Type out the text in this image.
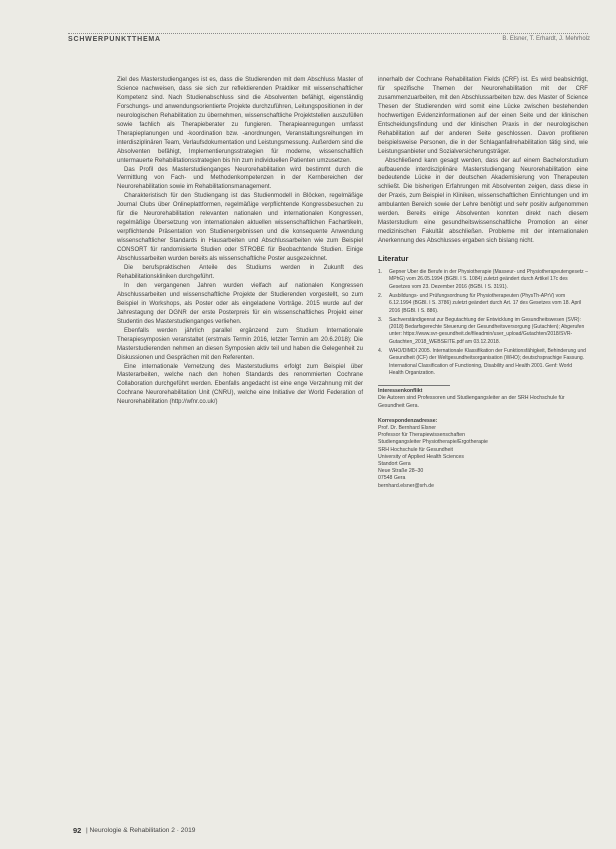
SCHWERPUNKTTHEMA	B. Elsner, T. Erhardt, J. Mehrholz

Ziel des Masterstudienganges ist es, dass die Studierenden mit dem Abschluss Master of Science nachweisen, dass sie sich zur reflektierenden Praktiker mit wissenschaftlicher Kompetenz sind. Nach Studienabschluss sind die Absolventen befähigt, eigenständig Forschungs- und anwendungsorientierte Projekte durchzuführen, Leitungspositionen in der neurologischen Rehabilitation zu übernehmen, wissenschaftliche Projektstellen auszufüllen sowie fachlich als Therapieberater zu fungieren. Therapieanregungen umfasst Therapieplanungen und -koordination bzw. -anordnungen, Veranstaltungsreihungen im interdisziplinären Team, Verlaufsdokumentation und Leistungsmessung. Außerdem sind die Absolventen befähigt, Implementierungsstrategien für moderne, wissenschaftlich untermauerte Rehabilitationsstrategien bis hin zum individuellen Patienten umzusetzen.

Das Profil des Masterstudienganges Neurorehabilitation wird bestimmt durch die Vermittlung von Fach- und Methodenkompetenzen in der Kernbereichen der Neurorehabilitation sowie im Rehabilitationsmanagement.

Charakteristisch für den Studiengang ist das Studienmodell in Blöcken, regelmäßige Journal Clubs über Onlineplattformen, regelmäßige verpflichtende Kongressbesuchen zu für die Neurorehabilitation relevanten nationalen und internationalen Kongressen, regelmäßige Übersetzung von internationalen aktuellen wissenschaftlichen Fachartikeln, verpflichtende Präsentation von Studienergebnissen und die konsequente Anwendung wissenschaftlicher Standards in Hausarbeiten und Abschlussarbeiten wie zum Beispiel CONSORT für randomisierte Studien oder STROBE für Beobachtende Studien. Einige Abschlussarbeiten wurden bereits als wissenschaftliche Poster ausgezeichnet.

Die berufspraktischen Anteile des Studiums werden in Zukunft des Rehabilitationskliniken durchgeführt.

In den vergangenen Jahren wurden vielfach auf nationalen Kongressen Abschlussarbeiten und wissenschaftliche Projekte der Studierenden vorgestellt, so zum Beispiel in Workshops, als Poster oder als eingeladene Vorträge. 2015 wurde auf der Jahrestagung der DGNR der erste Posterpreis für ein wissenschaftliches Projekt einer Studentin des Masterstudienganges verliehen.

Ebenfalls werden jährlich parallel ergänzend zum Studium Internationale Therapiesymposien veranstaltet (erstmals Termin 2016, letzter Termin am 20.6.2018): Die Masterstudierenden nehmen an diesen Symposien aktiv teil und haben die Gelegenheit zu Diskussionen und Gesprächen mit den Referenten.

Eine internationale Vernetzung des Masterstudiums erfolgt zum Beispiel über Masterarbeiten, welche nach den hohen Standards des renommierten Cochrane Collaboration durchgeführt werden. Ebenfalls angedacht ist eine enge Verzahnung mit der Cochrane Neurorehabilitation Unit (CNRU), welche eine Initiative der World Federation of Neurorehabilitation (http://wfnr.co.uk/)

innerhalb der Cochrane Rehabilitation Fields (CRF) ist. Es wird beabsichtigt, für spezifische Themen der Neurorehabilitation mit der CRF zusammenzuarbeiten, mit den Abschlussarbeiten bzw. des Master of Science Thesen der Studierenden wird somit eine Lücke zwischen bestehenden hochwertigen Evidenzinformationen auf der einen Seite und der klinischen Entscheidungsfindung und der klinischen Praxis in der neurologischen Rehabilitation auf der anderen Seite geschlossen. Davon profitieren beispielsweise Personen, die in der Schlaganfallrehabilitation tätig sind, wie Leistungsanbieter und Sozialversicherungsträger.

Abschließend kann gesagt werden, dass der auf einem Bachelorstudium aufbauende interdisziplinäre Masterstudiengang Neurorehabilitation eine bedeutende Lücke in der deutschen Akademisierung von Therapeuten schließt. Die bisherigen Erfahrungen mit Absolventen zeigen, dass diese in der Praxis, zum Beispiel in Kliniken, wissenschaftlichen Einrichtungen und im ambulanten Bereich sowie der Lehre benötigt und sehr positiv aufgenommen werden. Bereits einige Absolventen konnten direkt nach diesem Masterstudium eine gesundheitswissenschaftliche Promotion an einer medizinischen Fakultät abschließen. Probleme mit der internationalen Anerkennung des Abschlusses ergaben sich bislang nicht.

Literatur
1.	Gepner Uber die Berufe in der Physiotherapie (Masseur- und Physiotherapeutengesetz – MPhG) vom 26.05.1994 (BGBl. I S. 1084) zuletzt geändert durch Artikel 17c des Gesetzes vom 23. Dezember 2016 (BGBl. I S. 3191).
2.	Ausbildungs- und Prüfungsordnung für Physiotherapeuten (PhysTh-APrV) vom 6.12.1994 (BGBl. I S. 3786) zuletzt geändert durch Art. 17 des Gesetzes vom 18. April 2016 (BGBl. I S. 886).
3.	Sachverständigenrat zur Begutachtung der Entwicklung im Gesundheitswesen (SVR): (2018) Bedarfsgerechte Steuerung der Gesundheitsversorgung (Gutachten); Abgerufen unter: https://www.svr-gesundheit.de/fileadmin/user_upload/Gutachten/2018/SVR-Gutachten_2018_WEBSEITE.pdf am 03.12.2018.
4.	WHO/DIMDI 2005. Internationale Klassifikation der Funktionsfähigkeit, Behinderung und Gesundheit (ICF) der Weltgesundheitsorganisation (WHO); deutschsprachige Fassung. International Classification of Functioning, Disability and Health 2001. Genf: World Health Organization.
Interessenkonflikt
Die Autoren sind Professoren und Studiengangsleiter an der SRH Hochschule für Gesundheit Gera.
Korrespondenzadresse:
Prof. Dr. Bernhard Elsner
Professor für Therapiewissenschaften
Studiengangsleiter Physiotherapie/Ergotherapie
SRH Hochschule für Gesundheit
University of Applied Health Sciences
Standort Gera
Neue Straße 28–30
07548 Gera
bernhard.elsner@srh.de
92 | Neurologie & Rehabilitation 2 · 2019
